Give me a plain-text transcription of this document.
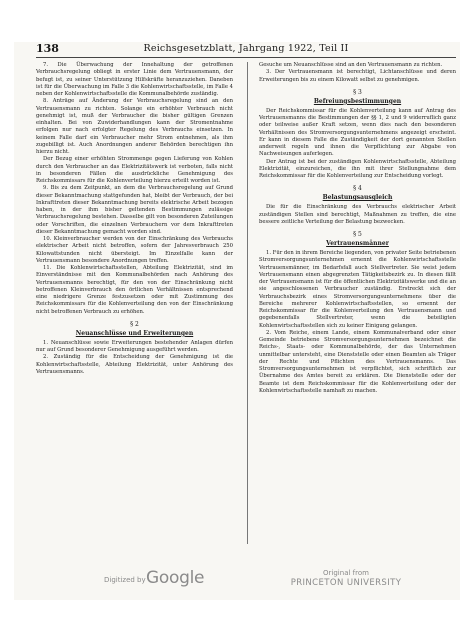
138	Reichsgesetzblatt, Jahrgang 1922, Teil II

7. Die Überwachung der Innehaltung der getroffenen Verbrauchsregelung obliegt in erster Linie dem Vertrauensmann, der befugt ist, zu seiner Unterstützung Hilfskräfte heranzuziehen. Daneben ist für die Überwachung im Falle 3 die Kohlenwirtschaftsstelle, im Falle 4 neben der Kohlenwirtschaftsstelle die Kommunalbehörde zuständig.

8. Anträge auf Änderung der Verbrauchsregelung sind an den Vertrauensmann zu richten. Solange ein erhöhter Verbrauch nicht genehmigt ist, muß der Verbraucher die bisher gültigen Grenzen einhalten. Bei von Zuwiderhandlungen kann der Stromentnahme erfolgen nur nach erfolgter Regelung des Verbrauchs einsetzen. In keinem Falle darf ein Verbraucher mehr Strom entnehmen, als ihm zugebilligt ist. Auch Anordnungen anderer Behörden berechtigen ihn hierzu nicht.

Der Bezug einer erhöhten Strommenge gegen Lieferung von Kohlen durch den Verbraucher an das Elektrizitätswerk ist verboten, falls nicht in besonderen Fällen die ausdrückliche Genehmigung des Reichskommissars für die Kohlenverteilung hierzu erteilt worden ist.

9. Bis zu dem Zeitpunkt, an dem die Verbrauchsregelung auf Grund dieser Bekanntmachung stattgefunden hat, bleibt der Verbrauch, der bei Inkrafttreten dieser Bekanntmachung bereits elektrische Arbeit bezogen haben, in der ihm bisher geltenden Bestimmungen zulässige Verbrauchsregelung bestehen. Dasselbe gilt von besonderen Zuteilungen oder Vorschriften, die einzelnen Verbrauchern vor dem Inkrafttreten dieser Bekanntmachung gemacht worden sind.

10. Kleinverbraucher werden von der Einschränkung des Verbrauchs elektrischer Arbeit nicht betroffen, sofern der Jahresverbrauch 250 Kilowattstunden nicht übersteigt. Im Einzelfalle kann der Vertrauensmann besondere Anordnungen treffen.

11. Die Kohlenwirtschaftsstellen, Abteilung Elektrizität, sind im Einverständnisse mit den Kommunalbehörden nach Anhörung des Vertrauensmanns berechtigt, für den von der Einschränkung nicht betroffenen Kleinverbrauch den örtlichen Verhältnissen entsprechend eine niedrigere Grenze festzusetzen oder mit Zustimmung des Reichskommissars für die Kohlenverteilung den von der Einschränkung nicht betroffenen Verbrauch zu erhöhen.

§ 2
Neuanschlüsse und Erweiterungen

1. Neuanschlüsse sowie Erweiterungen bestehender Anlagen dürfen nur auf Grund besonderer Genehmigung ausgeführt werden.

2. Zuständig für die Entscheidung der Genehmigung ist die Kohlenwirtschaftsstelle, Abteilung Elektrizität, unter Anhörung des Vertrauensmanns.

Gesuche um Neuanschlüsse sind an den Vertrauensmann zu richten.

3. Der Vertrauensmann ist berechtigt, Lichtanschlüsse und deren Erweiterungen bis zu einem Kilowatt selbst zu genehmigen.

§ 3
Befreiungsbestimmungen

Der Reichskommissar für die Kohlenverteilung kann auf Antrag des Vertrauensmanns die Bestimmungen der §§ 1, 2 und 9 widerruflich ganz oder teilweise außer Kraft setzen, wenn dies nach den besonderen Verhältnissen des Stromversorgungsunternehmens angezeigt erscheint. Er kann in diesem Falle die Zuständigkeit der dort genannten Stellen anderweit regeln und ihnen die Verpflichtung zur Abgabe von Nachweisungen auferlegen.

Der Antrag ist bei der zuständigen Kohlenwirtschaftsstelle, Abteilung Elektrizität, einzureichen, die ihn mit ihrer Stellungnahme dem Reichskommissar für die Kohlenverteilung zur Entscheidung vorlegt.

§ 4
Belastungsausgleich

Die für die Einschränkung des Verbrauchs elektrischer Arbeit zuständigen Stellen sind berechtigt, Maßnahmen zu treffen, die eine bessere zeitliche Verteilung der Belastung bezwecken.

§ 5
Vertrauensmänner

1. Für den in ihrem Bereiche liegenden, von privater Seite betriebenen Stromversorgungsunternehmen ernennt die Kohlenwirtschaftsstelle Vertrauensmänner, im Bedarfsfall auch Stellvertreter. Sie weist jedem Vertrauensmann einen abgegrenzten Tätigkeitsbezirk zu. In diesen fällt der Vertrauensmann ist für die öffentlichen Elektrizitätswerke und die an sie angeschlossenen Verbraucher zuständig. Erstreckt sich der Verbrauchsbezirk eines Stromversorgungsunternehmens über die Bereiche mehrerer Kohlenwirtschaftsstellen, so ernennt der Reichskommissar für die Kohlenverteilung den Vertrauensmann und gegebenenfalls Stellvertreter, wenn die beteiligten Kohlenwirtschaftsstellen sich zu keiner Einigung gelangen.

2. Vom Reiche, einem Lande, einem Kommunalverband oder einer Gemeinde betriebene Stromversorgungsunternehmen bezeichnet die Reichs-, Staats- oder Kommunalbehörde, der das Unternehmen unmittelbar untersteht, eine Dienststelle oder einen Beamten als Träger der Rechte und Pflichten des Vertrauensmanns. Das Stromversorgungsunternehmen ist verpflichtet, sich schriftlich zur Übernahme des Amtes bereit zu erklären. Die Dienststelle oder der Beamte ist dem Reichskommissar für die Kohlenverteilung oder der Kohlenwirtschaftsstelle namhaft zu machen.

Digitized by Google	Original from
PRINCETON UNIVERSITY
